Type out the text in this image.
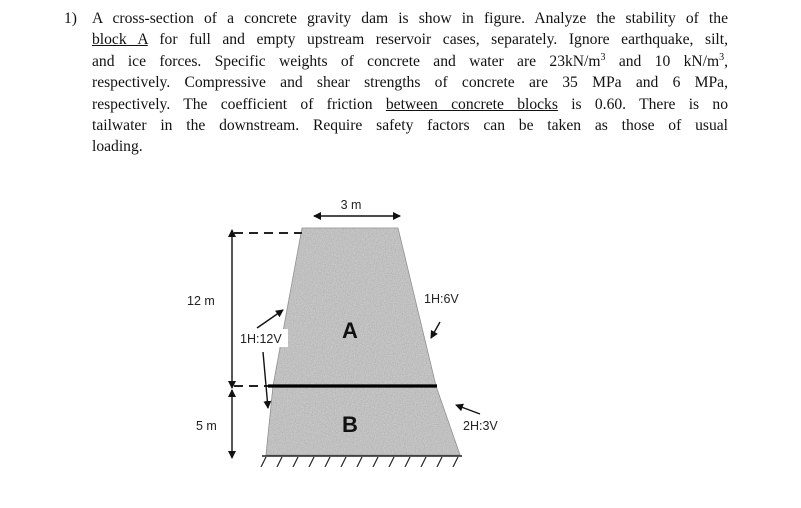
1) A cross-section of a concrete gravity dam is show in figure. Analyze the stability of the
block A for full and empty upstream reservoir cases, separately. Ignore earthquake, silt,
and ice forces. Specific weights of concrete and water are $23kN/m^3$ and 10 $kN/m^3$,
respectively. Compressive and shear strengths of concrete are 35 MPa and 6 MPa,
respectively. The coefficient of friction between concrete blocks is 0.60. There is no
tailwater in the downstream. Require safety factors can be taken as those of usual
loading.
3 m
12 m
5 m
1H:12V
1H:6V
2H:3V
A
B
